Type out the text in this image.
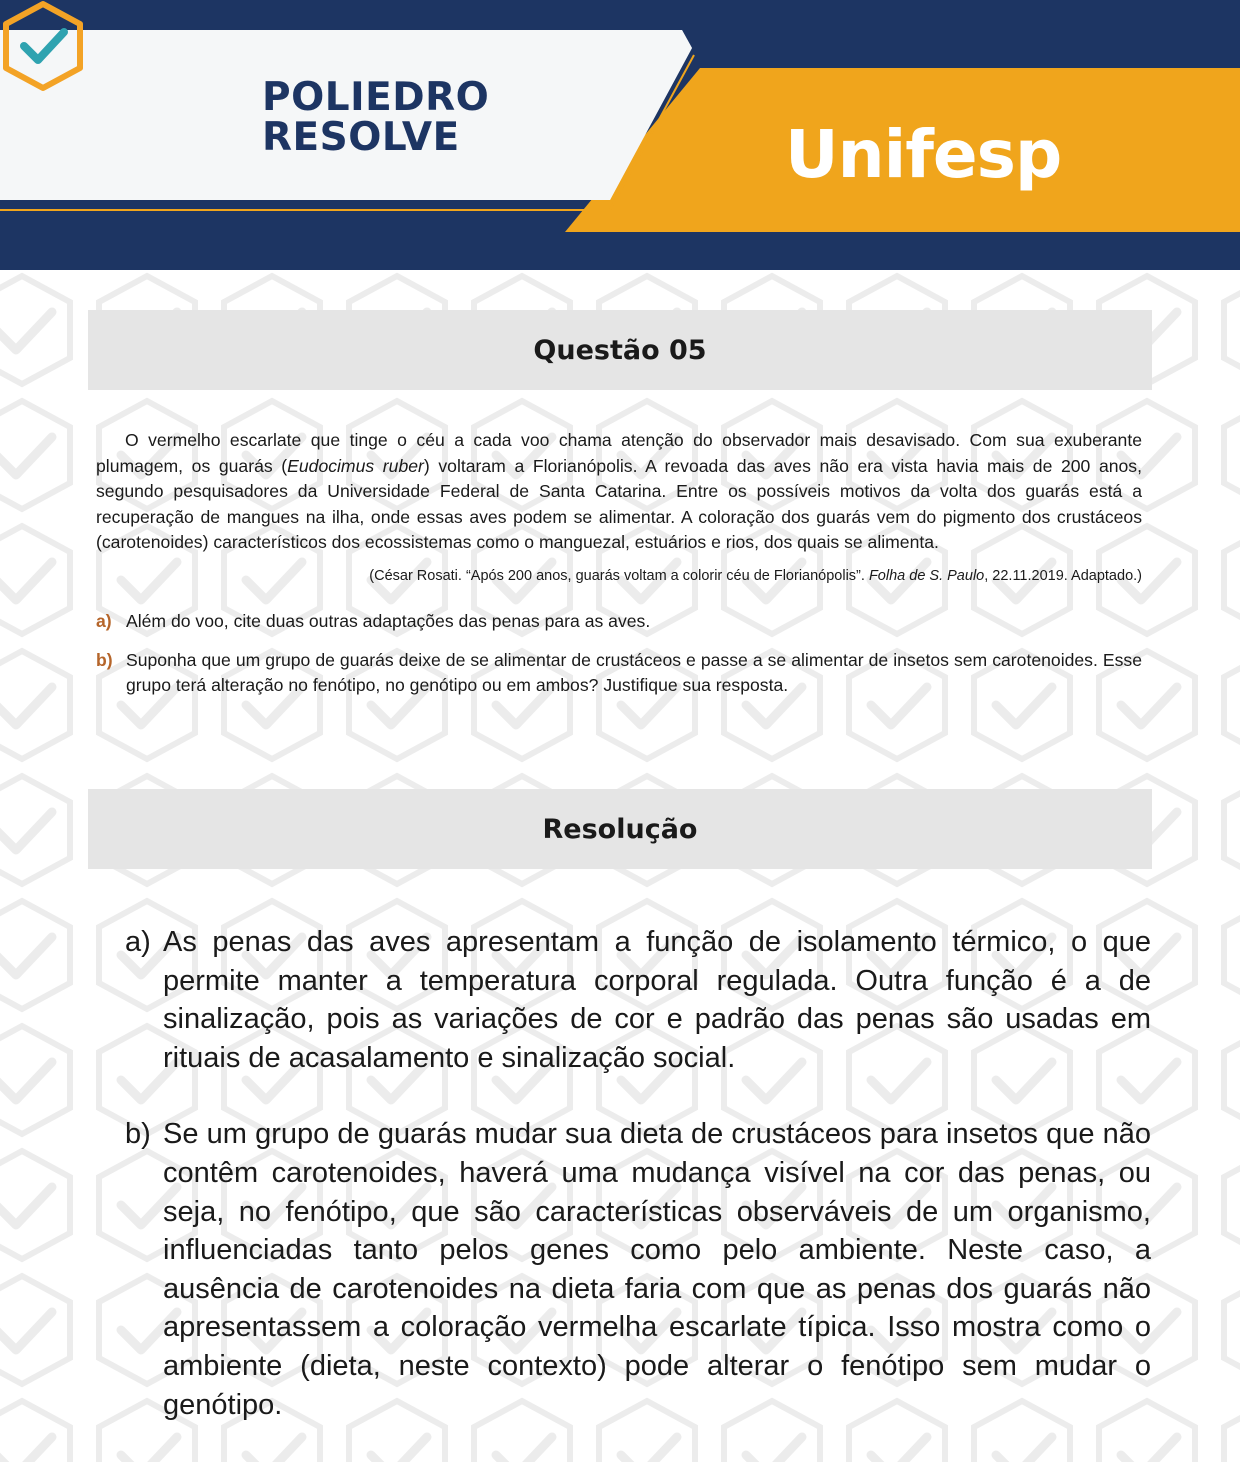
POLIEDRO
RESOLVE	Unifesp
Questão 05

O vermelho escarlate que tinge o céu a cada voo chama atenção do observador mais desavisado. Com sua exuberante plumagem, os guarás (Eudocimus ruber) voltaram a Florianópolis. A revoada das aves não era vista havia mais de 200 anos, segundo pesquisadores da Universidade Federal de Santa Catarina. Entre os possíveis motivos da volta dos guarás está a recuperação de mangues na ilha, onde essas aves podem se alimentar. A coloração dos guarás vem do pigmento dos crustáceos (carotenoides) característicos dos ecossistemas como o manguezal, estuários e rios, dos quais se alimenta.

(César Rosati. “Após 200 anos, guarás voltam a colorir céu de Florianópolis”. Folha de S. Paulo, 22.11.2019. Adaptado.)
a) Além do voo, cite duas outras adaptações das penas para as aves.
b) Suponha que um grupo de guarás deixe de se alimentar de crustáceos e passe a se alimentar de insetos sem carotenoides. Esse grupo terá alteração no fenótipo, no genótipo ou em ambos? Justifique sua resposta.
Resolução
a) As penas das aves apresentam a função de isolamento térmico, o que permite manter a temperatura corporal regulada. Outra função é a de sinalização, pois as variações de cor e padrão das penas são usadas em rituais de acasalamento e sinalização social.
b) Se um grupo de guarás mudar sua dieta de crustáceos para insetos que não contêm carotenoides, haverá uma mudança visível na cor das penas, ou seja, no fenótipo, que são características observáveis de um organismo, influenciadas tanto pelos genes como pelo ambiente. Neste caso, a ausência de carotenoides na dieta faria com que as penas dos guarás não apresentassem a coloração vermelha escarlate típica. Isso mostra como o ambiente (dieta, neste contexto) pode alterar o fenótipo sem mudar o genótipo.
